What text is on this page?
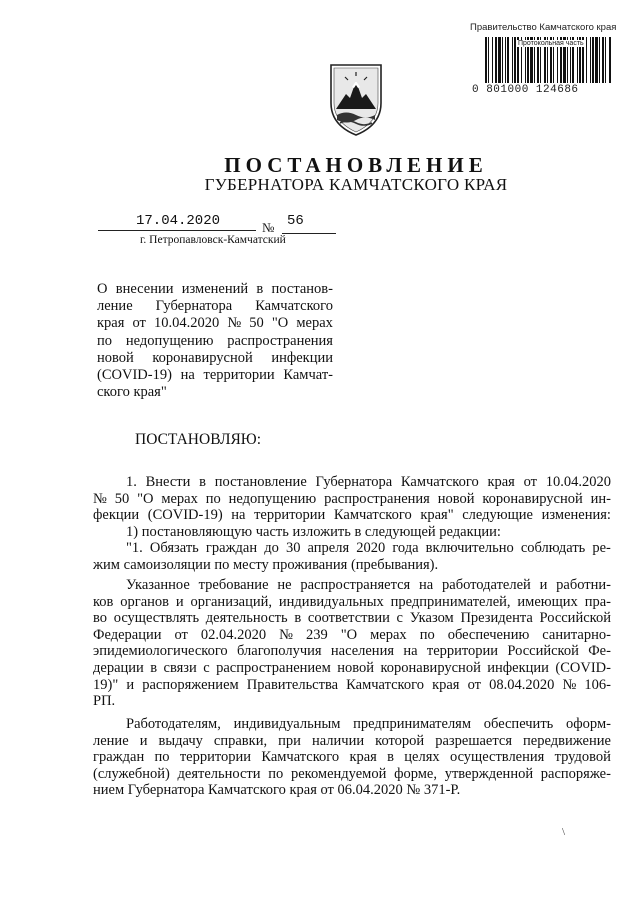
Правительство Камчатского края
Протокольная часть
0 801000 124686
ПОСТАНОВЛЕНИЕ
ГУБЕРНАТОРА КАМЧАТСКОГО КРАЯ
17.04.2020	№ 56
г. Петропавловск-Камчатский
О внесении изменений в постанов-
ление Губернатора Камчатского
края от 10.04.2020 № 50 "О мерах
по недопущению распространения
новой коронавирусной инфекции
(COVID-19) на территории Камчат-
ского края"
ПОСТАНОВЛЯЮ:
1. Внести в постановление Губернатора Камчатского края от 10.04.2020
№ 50 "О мерах по недопущению распространения новой коронавирусной ин-
фекции (COVID-19) на территории Камчатского края" следующие изменения:
1) постановляющую часть изложить в следующей редакции:
"1. Обязать граждан до 30 апреля 2020 года включительно соблюдать ре-
жим самоизоляции по месту проживания (пребывания).
Указанное требование не распространяется на работодателей и работни-
ков органов и организаций, индивидуальных предпринимателей, имеющих пра-
во осуществлять деятельность в соответствии с Указом Президента Российской
Федерации от 02.04.2020 № 239 "О мерах по обеспечению санитарно-
эпидемиологического благополучия населения на территории Российской Фе-
дерации в связи с распространением новой коронавирусной инфекции (COVID-
19)" и распоряжением Правительства Камчатского края от 08.04.2020 № 106-
РП.
Работодателям, индивидуальным предпринимателям обеспечить оформ-
ление и выдачу справки, при наличии которой разрешается передвижение
граждан по территории Камчатского края в целях осуществления трудовой
(служебной) деятельности по рекомендуемой форме, утвержденной распоряже-
нием Губернатора Камчатского края от 06.04.2020 № 371-Р.
\
